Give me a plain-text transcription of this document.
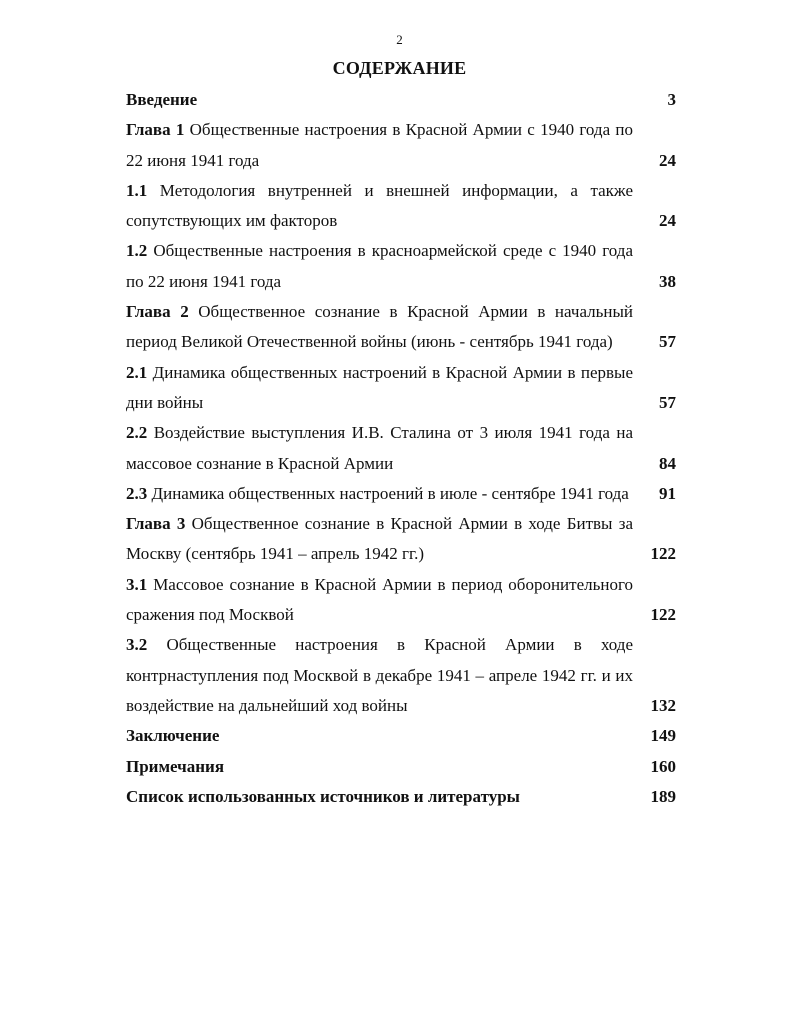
2
СОДЕРЖАНИЕ
Введение	3
Глава 1 Общественные настроения в Красной Армии с 1940 года по 22 июня 1941 года	24
1.1 Методология внутренней и внешней информации, а также сопутствующих им факторов	24
1.2 Общественные настроения в красноармейской среде с 1940 года по 22 июня 1941 года	38
Глава 2 Общественное сознание в Красной Армии в начальный период Великой Отечественной войны (июнь - сентябрь 1941 года)	57
2.1 Динамика общественных настроений в Красной Армии в первые дни войны	57
2.2 Воздействие выступления И.В. Сталина от 3 июля 1941 года на массовое сознание в Красной Армии	84
2.3 Динамика общественных настроений в июле - сентябре 1941 года	91
Глава 3 Общественное сознание в Красной Армии в ходе Битвы за Москву (сентябрь 1941 – апрель 1942 гг.)	122
3.1 Массовое сознание в Красной Армии в период оборонительного сражения под Москвой	122
3.2 Общественные настроения в Красной Армии в ходе контрнаступления под Москвой в декабре 1941 – апреле 1942 гг. и их воздействие на дальнейший ход войны	132
Заключение	149
Примечания	160
Список использованных источников и литературы	189
